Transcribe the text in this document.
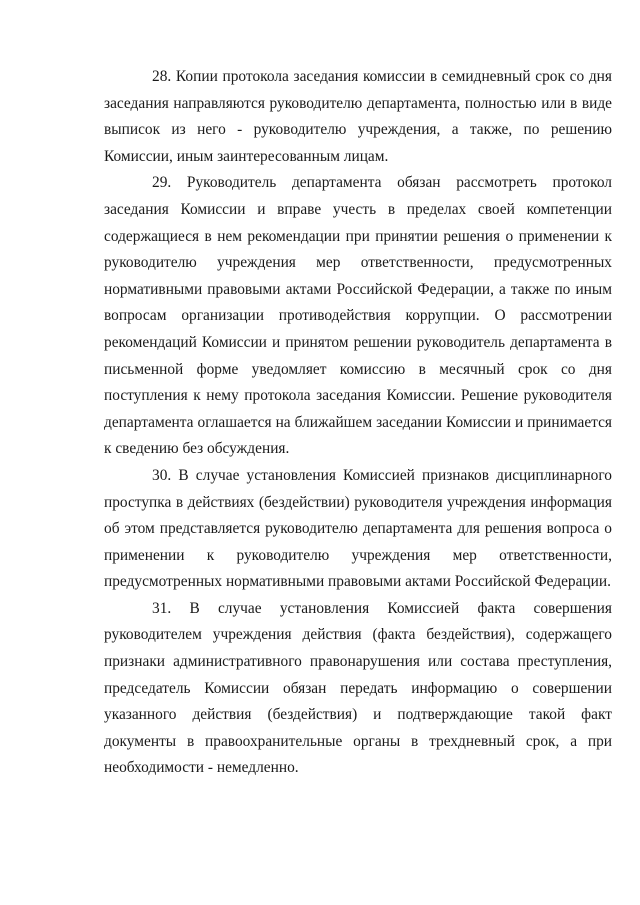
28. Копии протокола заседания комиссии в семидневный срок со дня заседания направляются руководителю департамента, полностью или в виде выписок из него - руководителю учреждения, а также, по решению Комиссии, иным заинтересованным лицам.

29. Руководитель департамента обязан рассмотреть протокол заседания Комиссии и вправе учесть в пределах своей компетенции содержащиеся в нем рекомендации при принятии решения о применении к руководителю учреждения мер ответственности, предусмотренных нормативными правовыми актами Российской Федерации, а также по иным вопросам организации противодействия коррупции. О рассмотрении рекомендаций Комиссии и принятом решении руководитель департамента в письменной форме уведомляет комиссию в месячный срок со дня поступления к нему протокола заседания Комиссии. Решение руководителя департамента оглашается на ближайшем заседании Комиссии и принимается к сведению без обсуждения.

30. В случае установления Комиссией признаков дисциплинарного проступка в действиях (бездействии) руководителя учреждения информация об этом представляется руководителю департамента для решения вопроса о применении к руководителю учреждения мер ответственности, предусмотренных нормативными правовыми актами Российской Федерации.

31. В случае установления Комиссией факта совершения руководителем учреждения действия (факта бездействия), содержащего признаки административного правонарушения или состава преступления, председатель Комиссии обязан передать информацию о совершении указанного действия (бездействия) и подтверждающие такой факт документы в правоохранительные органы в трехдневный срок, а при необходимости - немедленно.
